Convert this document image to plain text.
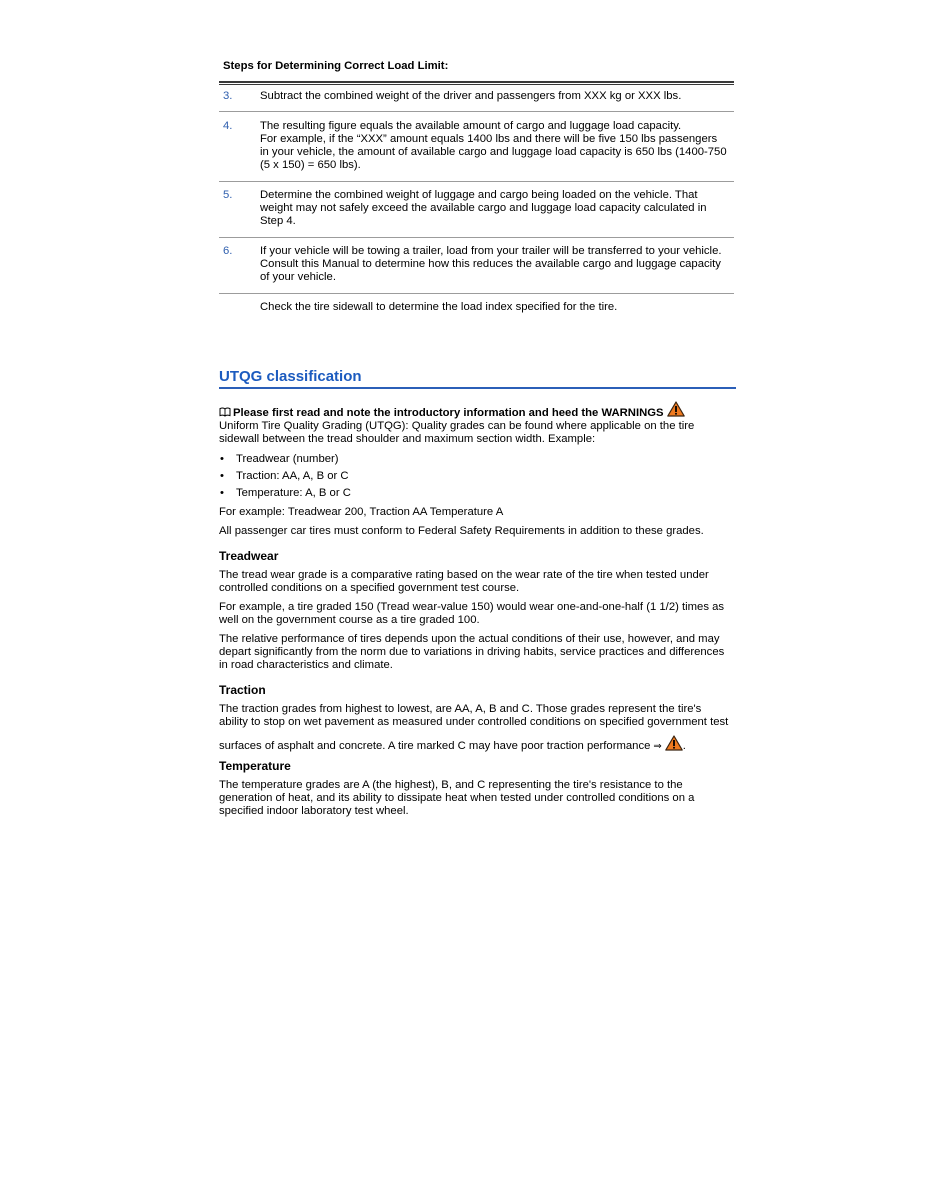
Steps for Determining Correct Load Limit:
3. Subtract the combined weight of the driver and passengers from XXX kg or XXX lbs.
4. The resulting figure equals the available amount of cargo and luggage load capacity.
For example, if the “XXX” amount equals 1400 lbs and there will be five 150 lbs passengers
in your vehicle, the amount of available cargo and luggage load capacity is 650 lbs (1400-750
(5 x 150) = 650 lbs).
5. Determine the combined weight of luggage and cargo being loaded on the vehicle. That
weight may not safely exceed the available cargo and luggage load capacity calculated in
Step 4.
6. If your vehicle will be towing a trailer, load from your trailer will be transferred to your vehicle.
Consult this Manual to determine how this reduces the available cargo and luggage capacity
of your vehicle.
Check the tire sidewall to determine the load index specified for the tire.
UTQG classification
Please first read and note the introductory information and heed the WARNINGS
Uniform Tire Quality Grading (UTQG): Quality grades can be found where applicable on the tire
sidewall between the tread shoulder and maximum section width. Example:
• Treadwear (number)
• Traction: AA, A, B or C
• Temperature: A, B or C
For example: Treadwear 200, Traction AA Temperature A
All passenger car tires must conform to Federal Safety Requirements in addition to these grades.
Treadwear
The tread wear grade is a comparative rating based on the wear rate of the tire when tested under
controlled conditions on a specified government test course.
For example, a tire graded 150 (Tread wear-value 150) would wear one-and-one-half (1 1/2) times as
well on the government course as a tire graded 100.
The relative performance of tires depends upon the actual conditions of their use, however, and may
depart significantly from the norm due to variations in driving habits, service practices and differences
in road characteristics and climate.
Traction
The traction grades from highest to lowest, are AA, A, B and C. Those grades represent the tire's
ability to stop on wet pavement as measured under controlled conditions on specified government test
surfaces of asphalt and concrete. A tire marked C may have poor traction performance ⇒ .
Temperature
The temperature grades are A (the highest), B, and C representing the tire's resistance to the
generation of heat, and its ability to dissipate heat when tested under controlled conditions on a
specified indoor laboratory test wheel.
